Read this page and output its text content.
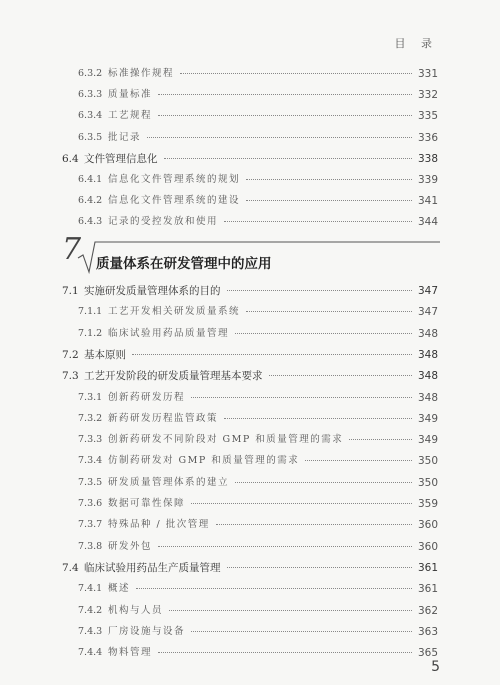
目 录
6.3.2 标准操作规程	331
6.3.3 质量标准	332
6.3.4 工艺规程	335
6.3.5 批记录	336
6.4 文件管理信息化	338
6.4.1 信息化文件管理系统的规划	339
6.4.2 信息化文件管理系统的建设	341
6.4.3 记录的受控发放和使用	344
7 质量体系在研发管理中的应用
7.1 实施研发质量管理体系的目的	347
7.1.1 工艺开发相关研发质量系统	347
7.1.2 临床试验用药品质量管理	348
7.2 基本原则	348
7.3 工艺开发阶段的研发质量管理基本要求	348
7.3.1 创新药研发历程	348
7.3.2 新药研发历程监管政策	349
7.3.3 创新药研发不同阶段对 GMP 和质量管理的需求	349
7.3.4 仿制药研发对 GMP 和质量管理的需求	350
7.3.5 研发质量管理体系的建立	350
7.3.6 数据可靠性保障	359
7.3.7 特殊品种 / 批次管理	360
7.3.8 研发外包	360
7.4 临床试验用药品生产质量管理	361
7.4.1 概述	361
7.4.2 机构与人员	362
7.4.3 厂房设施与设备	363
7.4.4 物料管理	365
5
